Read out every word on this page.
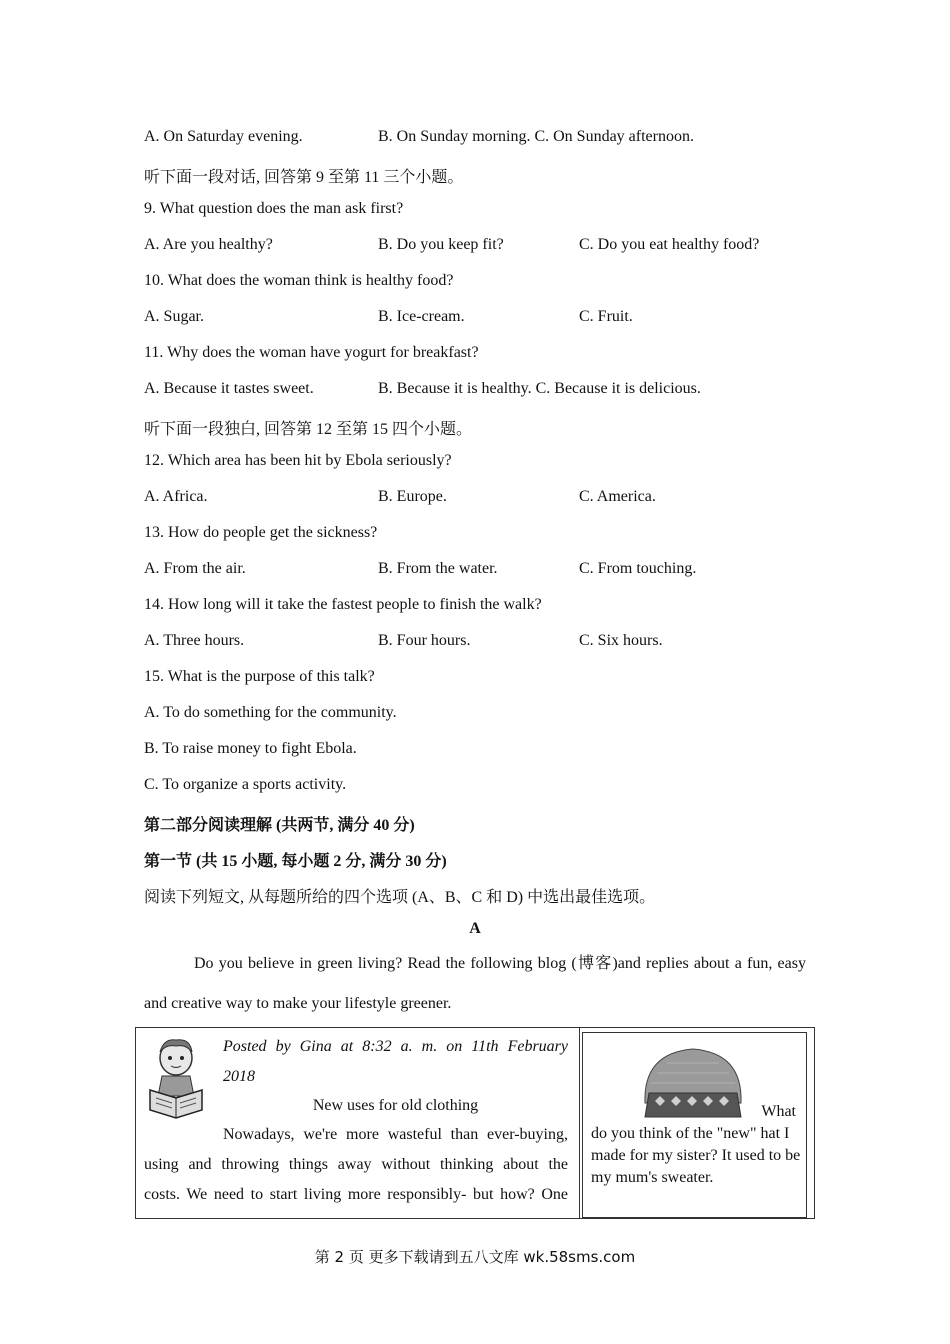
A. On Saturday evening.	B. On Sunday morning. C. On Sunday afternoon.
听下面一段对话, 回答第 9 至第 11 三个小题。
9. What question does the man ask first?
A. Are you healthy?	B. Do you keep fit?	C. Do you eat healthy food?
10. What does the woman think is healthy food?
A. Sugar.	B. Ice-cream.	C. Fruit.
11. Why does the woman have yogurt for breakfast?
A. Because it tastes sweet.	B. Because it is healthy. C. Because it is delicious.
听下面一段独白, 回答第 12 至第 15 四个小题。
12. Which area has been hit by Ebola seriously?
A. Africa.	B. Europe.	C. America.
13. How do people get the sickness?
A. From the air.	B. From the water.	C. From touching.
14. How long will it take the fastest people to finish the walk?
A. Three hours.	B. Four hours.	C. Six hours.
15. What is the purpose of this talk?
A. To do something for the community.
B. To raise money to fight Ebola.
C. To organize a sports activity.
第二部分阅读理解 (共两节, 满分 40 分)
第一节 (共 15 小题, 每小题 2 分, 满分 30 分)
阅读下列短文, 从每题所给的四个选项 (A、B、C 和 D) 中选出最佳选项。
A
Do you believe in green living? Read the following blog (博客)and replies about a fun, easy and creative way to make your lifestyle greener.
Posted by Gina at 8:32 a. m. on 11th February
2018
New uses for old clothing
Nowadays, we're more wasteful than ever-buying,
using and throwing things away without thinking about the
costs. We need to start living more responsibly- but how? One
What
do you think of the "new" hat I made for my sister? It used to be my mum's sweater.
第 2 页 更多下载请到五八文库 wk.58sms.com
